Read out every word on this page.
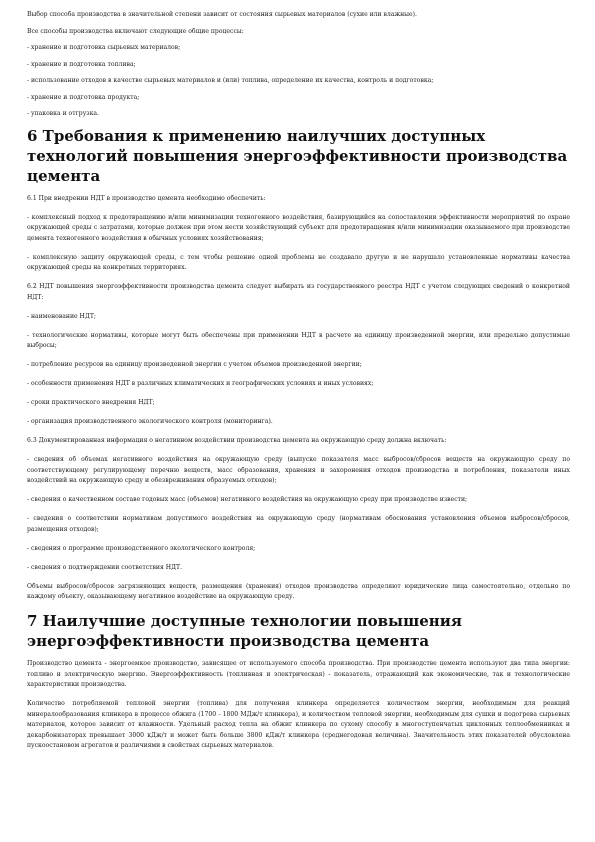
Выбор способа производства в значительной степени зависит от состояния сырьевых материалов (сухие или влажные).

Все способы производства включают следующие общие процессы:

- хранение и подготовка сырьевых материалов;

- хранение и подготовка топлива;

- использование отходов в качестве сырьевых материалов и (или) топлива, определение их качества, контроль и подготовка;

- хранение и подготовка продукта;

- упаковка и отгрузка.

6 Требования к применению наилучших доступных технологий повышения энергоэффективности производства цемента

6.1 При внедрении НДТ в производство цемента необходимо обеспечить:

- комплексный подход к предотвращению и/или минимизации техногенного воздействия, базирующийся на сопоставлении эффективности мероприятий по охране окружающей среды с затратами, которые должен при этом нести хозяйствующий субъект для предотвращения и/или минимизации оказываемого при производстве цемента техногенного воздействия в обычных условиях хозяйствования;

- комплексную защиту окружающей среды, с тем чтобы решение одной проблемы не создавало другую и не нарушало установленные нормативы качества окружающей среды на конкретных территориях.

6.2 НДТ повышения энергоэффективности производства цемента следует выбирать из государственного реестра НДТ с учетом следующих сведений о конкретной НДТ:

- наименование НДТ;

- технологические нормативы, которые могут быть обеспечены при применении НДТ в расчете на единицу произведенной энергии, или предельно допустимые выбросы;

- потребление ресурсов на единицу произведенной энергии с учетом объемов произведенной энергии;

- особенности применения НДТ в различных климатических и географических условиях и иных условиях;

- сроки практического внедрения НДТ;

- организация производственного экологического контроля (мониторинга).

6.3 Документированная информация о негативном воздействии производства цемента на окружающую среду должна включать:

- сведения об объемах негативного воздействия на окружающую среду (выпуске показателя масс выбросов/сбросов веществ на окружающую среду по соответствующему регулирующему перечню веществ, масс образования, хранения и захоронения отходов производства и потребления, показатели иных воздействий на окружающую среду и обезвреживания образуемых отходов);

- сведения о качественном составе годовых масс (объемов) негативного воздействия на окружающую среду при производстве извести;

- сведения о соответствии нормативам допустимого воздействия на окружающую среду (нормативам обоснования установления объемов выбросов/сбросов, размещения отходов);

- сведения о программе производственного экологического контроля;

- сведения о подтверждении соответствия НДТ.

Объемы выбросов/сбросов загрязняющих веществ, размещения (хранения) отходов производства определяют юридические лица самостоятельно, отдельно по каждому объекту, оказывающему негативное воздействие на окружающую среду.

7 Наилучшие доступные технологии повышения энергоэффективности производства цемента

Производство цемента - энергоемкое производство, зависящее от используемого способа производства. При производстве цемента используют два типа энергии: топливо и электрическую энергию. Энергоэффективность (топливная и электрическая) - показатель, отражающий как экономические, так и технологические характеристики производства.

Количество потребляемой тепловой энергии (топлива) для получения клинкера определяется количеством энергии, необходимым для реакций минералообразования клинкера в процессе обжига (1700 - 1800 МДж/т клинкера), и количеством тепловой энергии, необходимым для сушки и подогрева сырьевых материалов, которое зависит от влажности. Удельный расход тепла на обжиг клинкера по сухому способу в многоступенчатых циклонных теплообменниках и декарбонизаторах превышает 3000 кДж/т и может быть больше 3800 кДж/т клинкера (среднегодовая величина). Значительность этих показателей обусловлена пускоостановом агрегатов и различиями в свойствах сырьевых материалов.
